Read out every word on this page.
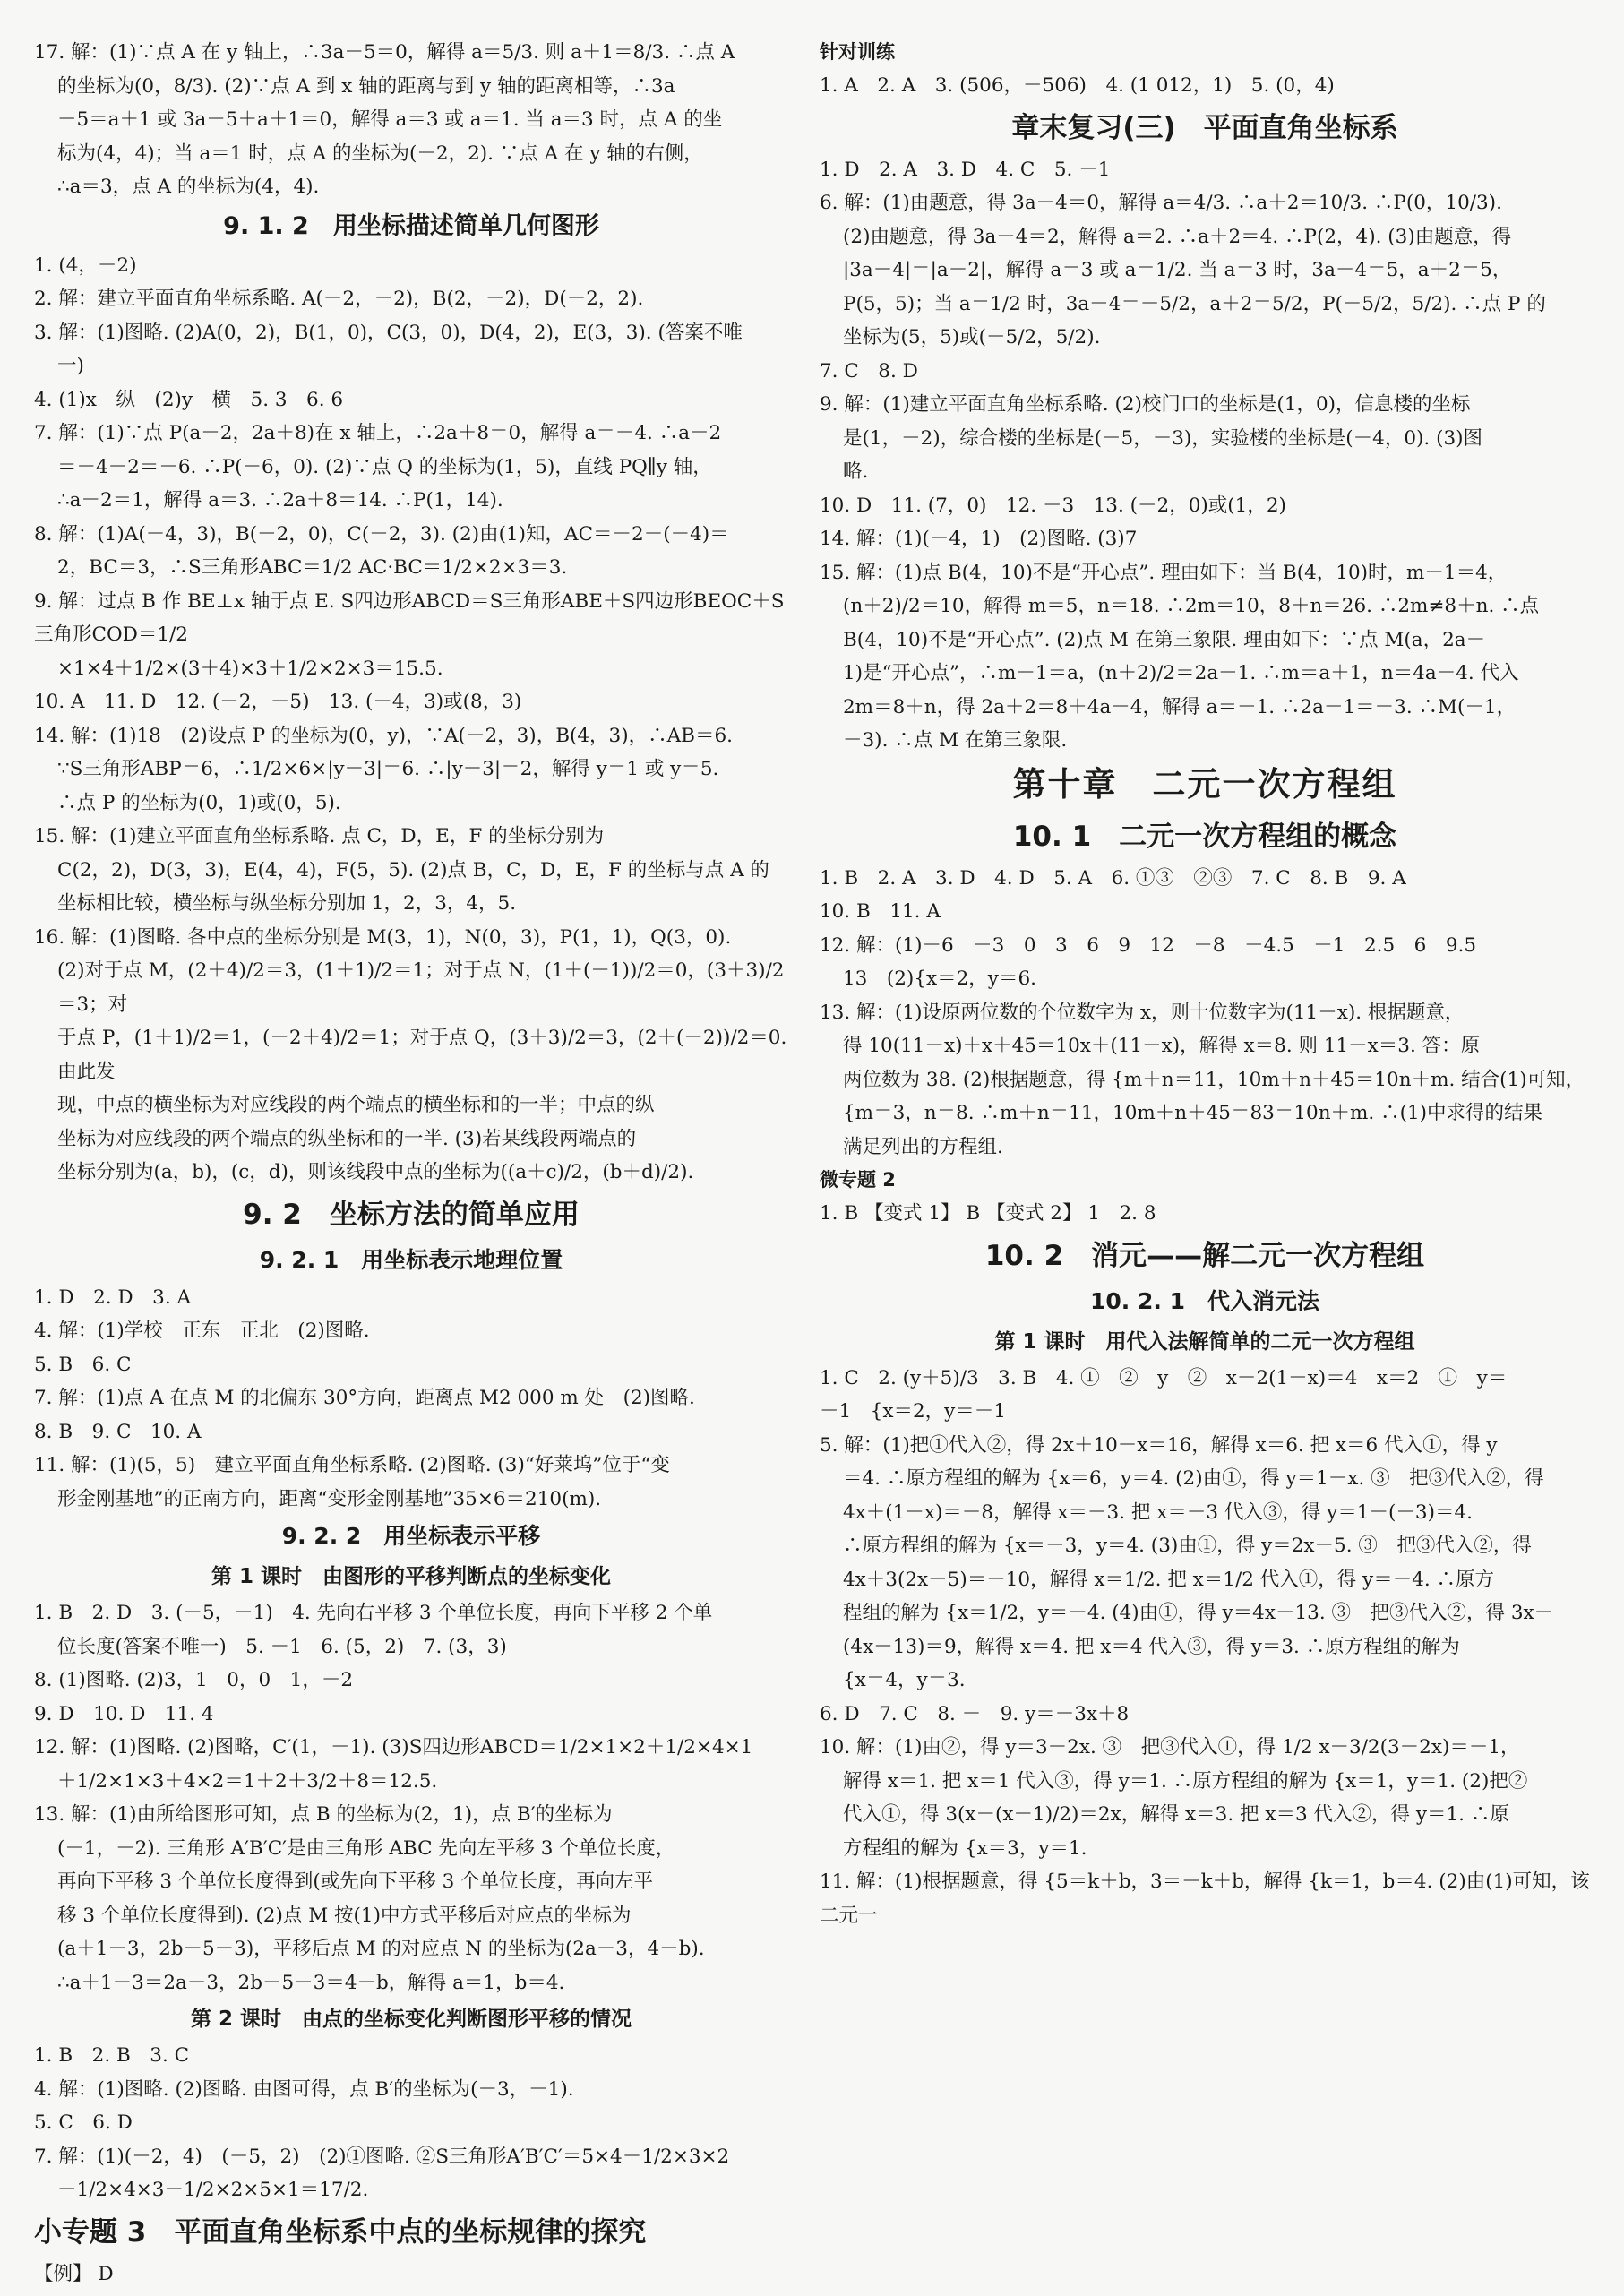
17. 解：(1)∵点 A 在 y 轴上，∴3a－5＝0，解得 a＝5/3. 则 a＋1＝8/3. ∴点 A

的坐标为(0，8/3). (2)∵点 A 到 x 轴的距离与到 y 轴的距离相等，∴3a

－5＝a＋1 或 3a－5＋a＋1＝0，解得 a＝3 或 a＝1. 当 a＝3 时，点 A 的坐

标为(4，4)；当 a＝1 时，点 A 的坐标为(－2，2). ∵点 A 在 y 轴的右侧，

∴a＝3，点 A 的坐标为(4，4).

9. 1. 2　用坐标描述简单几何图形

1. (4，－2)

2. 解：建立平面直角坐标系略. A(－2，－2)，B(2，－2)，D(－2，2).

3. 解：(1)图略. (2)A(0，2)，B(1，0)，C(3，0)，D(4，2)，E(3，3). (答案不唯

一)

4. (1)x　纵　(2)y　横　5. 3　6. 6

7. 解：(1)∵点 P(a－2，2a＋8)在 x 轴上，∴2a＋8＝0，解得 a＝－4. ∴a－2

＝－4－2＝－6. ∴P(－6，0). (2)∵点 Q 的坐标为(1，5)，直线 PQ∥y 轴，

∴a－2＝1，解得 a＝3. ∴2a＋8＝14. ∴P(1，14).

8. 解：(1)A(－4，3)，B(－2，0)，C(－2，3). (2)由(1)知，AC＝－2－(－4)＝

2，BC＝3，∴S三角形ABC＝1/2 AC·BC＝1/2×2×3＝3.

9. 解：过点 B 作 BE⊥x 轴于点 E. S四边形ABCD＝S三角形ABE＋S四边形BEOC＋S三角形COD＝1/2

×1×4＋1/2×(3＋4)×3＋1/2×2×3＝15.5.

10. A　11. D　12. (－2，－5)　13. (－4，3)或(8，3)

14. 解：(1)18　(2)设点 P 的坐标为(0，y)，∵A(－2，3)，B(4，3)，∴AB＝6.

∵S三角形ABP＝6，∴1/2×6×|y－3|＝6. ∴|y－3|＝2，解得 y＝1 或 y＝5.

∴点 P 的坐标为(0，1)或(0，5).

15. 解：(1)建立平面直角坐标系略. 点 C，D，E，F 的坐标分别为

C(2，2)，D(3，3)，E(4，4)，F(5，5). (2)点 B，C，D，E，F 的坐标与点 A 的

坐标相比较，横坐标与纵坐标分别加 1，2，3，4，5.

16. 解：(1)图略. 各中点的坐标分别是 M(3，1)，N(0，3)，P(1，1)，Q(3，0).

(2)对于点 M，(2＋4)/2＝3，(1＋1)/2＝1；对于点 N，(1＋(－1))/2＝0，(3＋3)/2＝3；对

于点 P，(1＋1)/2＝1，(－2＋4)/2＝1；对于点 Q，(3＋3)/2＝3，(2＋(－2))/2＝0. 由此发

现，中点的横坐标为对应线段的两个端点的横坐标和的一半；中点的纵

坐标为对应线段的两个端点的纵坐标和的一半. (3)若某线段两端点的

坐标分别为(a，b)，(c，d)，则该线段中点的坐标为((a＋c)/2，(b＋d)/2).

9. 2　坐标方法的简单应用
9. 2. 1　用坐标表示地理位置

1. D　2. D　3. A

4. 解：(1)学校　正东　正北　(2)图略.

5. B　6. C

7. 解：(1)点 A 在点 M 的北偏东 30°方向，距离点 M2 000 m 处　(2)图略.

8. B　9. C　10. A

11. 解：(1)(5，5)　建立平面直角坐标系略. (2)图略. (3)“好莱坞”位于“变

形金刚基地”的正南方向，距离“变形金刚基地”35×6＝210(m).

9. 2. 2　用坐标表示平移
第 1 课时　由图形的平移判断点的坐标变化

1. B　2. D　3. (－5，－1)　4. 先向右平移 3 个单位长度，再向下平移 2 个单

位长度(答案不唯一)　5. －1　6. (5，2)　7. (3，3)

8. (1)图略. (2)3，1　0，0　1，－2

9. D　10. D　11. 4

12. 解：(1)图略. (2)图略，C′(1，－1). (3)S四边形ABCD＝1/2×1×2＋1/2×4×1

＋1/2×1×3＋4×2＝1＋2＋3/2＋8＝12.5.

13. 解：(1)由所给图形可知，点 B 的坐标为(2，1)，点 B′的坐标为

(－1，－2). 三角形 A′B′C′是由三角形 ABC 先向左平移 3 个单位长度，

再向下平移 3 个单位长度得到(或先向下平移 3 个单位长度，再向左平

移 3 个单位长度得到). (2)点 M 按(1)中方式平移后对应点的坐标为

(a＋1－3，2b－5－3)，平移后点 M 的对应点 N 的坐标为(2a－3，4－b).

∴a＋1－3＝2a－3，2b－5－3＝4－b，解得 a＝1，b＝4.

第 2 课时　由点的坐标变化判断图形平移的情况

1. B　2. B　3. C

4. 解：(1)图略. (2)图略. 由图可得，点 B′的坐标为(－3，－1).

5. C　6. D

7. 解：(1)(－2，4)　(－5，2)　(2)①图略. ②S三角形A′B′C′＝5×4－1/2×3×2

－1/2×4×3－1/2×2×5×1＝17/2.

小专题 3　平面直角坐标系中点的坐标规律的探究

【例】 D

针对训练

1. A　2. A　3. (506，－506)　4. (1 012，1)　5. (0，4)

章末复习(三)　平面直角坐标系

1. D　2. A　3. D　4. C　5. －1

6. 解：(1)由题意，得 3a－4＝0，解得 a＝4/3. ∴a＋2＝10/3. ∴P(0，10/3).

(2)由题意，得 3a－4＝2，解得 a＝2. ∴a＋2＝4. ∴P(2，4). (3)由题意，得

|3a－4|＝|a＋2|，解得 a＝3 或 a＝1/2. 当 a＝3 时，3a－4＝5，a＋2＝5，

P(5，5)；当 a＝1/2 时，3a－4＝－5/2，a＋2＝5/2，P(－5/2，5/2). ∴点 P 的

坐标为(5，5)或(－5/2，5/2).

7. C　8. D

9. 解：(1)建立平面直角坐标系略. (2)校门口的坐标是(1，0)，信息楼的坐标

是(1，－2)，综合楼的坐标是(－5，－3)，实验楼的坐标是(－4，0). (3)图

略.

10. D　11. (7，0)　12. －3　13. (－2，0)或(1，2)

14. 解：(1)(－4，1)　(2)图略. (3)7

15. 解：(1)点 B(4，10)不是“开心点”. 理由如下：当 B(4，10)时，m－1＝4，

(n＋2)/2＝10，解得 m＝5，n＝18. ∴2m＝10，8＋n＝26. ∴2m≠8＋n. ∴点

B(4，10)不是“开心点”. (2)点 M 在第三象限. 理由如下：∵点 M(a，2a－

1)是“开心点”，∴m－1＝a，(n＋2)/2＝2a－1. ∴m＝a＋1，n＝4a－4. 代入

2m＝8＋n，得 2a＋2＝8＋4a－4，解得 a＝－1. ∴2a－1＝－3. ∴M(－1，

－3). ∴点 M 在第三象限.

第十章　二元一次方程组
10. 1　二元一次方程组的概念

1. B　2. A　3. D　4. D　5. A　6. ①③　②③　7. C　8. B　9. A

10. B　11. A

12. 解：(1)－6　－3　0　3　6　9　12　－8　－4.5　－1　2.5　6　9.5

13　(2){x＝2，y＝6.

13. 解：(1)设原两位数的个位数字为 x，则十位数字为(11－x). 根据题意，

得 10(11－x)＋x＋45＝10x＋(11－x)，解得 x＝8. 则 11－x＝3. 答：原

两位数为 38. (2)根据题意，得 {m＋n＝11，10m＋n＋45＝10n＋m. 结合(1)可知，

{m＝3，n＝8. ∴m＋n＝11，10m＋n＋45＝83＝10n＋m. ∴(1)中求得的结果

满足列出的方程组.

微专题 2

1. B 【变式 1】 B 【变式 2】 1　2. 8

10. 2　消元——解二元一次方程组
10. 2. 1　代入消元法
第 1 课时　用代入法解简单的二元一次方程组

1. C　2. (y＋5)/3　3. B　4. ①　②　y　②　x－2(1－x)＝4　x＝2　①　y＝

－1　{x＝2，y＝－1

5. 解：(1)把①代入②，得 2x＋10－x＝16，解得 x＝6. 把 x＝6 代入①，得 y

＝4. ∴原方程组的解为 {x＝6，y＝4. (2)由①，得 y＝1－x. ③　把③代入②，得

4x＋(1－x)＝－8，解得 x＝－3. 把 x＝－3 代入③，得 y＝1－(－3)＝4.

∴原方程组的解为 {x＝－3，y＝4. (3)由①，得 y＝2x－5. ③　把③代入②，得

4x＋3(2x－5)＝－10，解得 x＝1/2. 把 x＝1/2 代入①，得 y＝－4. ∴原方

程组的解为 {x＝1/2，y＝－4. (4)由①，得 y＝4x－13. ③　把③代入②，得 3x－

(4x－13)＝9，解得 x＝4. 把 x＝4 代入③，得 y＝3. ∴原方程组的解为

{x＝4，y＝3.

6. D　7. C　8. －　9. y＝－3x＋8

10. 解：(1)由②，得 y＝3－2x. ③　把③代入①，得 1/2 x－3/2(3－2x)＝－1，

解得 x＝1. 把 x＝1 代入③，得 y＝1. ∴原方程组的解为 {x＝1，y＝1. (2)把②

代入①，得 3(x－(x－1)/2)＝2x，解得 x＝3. 把 x＝3 代入②，得 y＝1. ∴原

方程组的解为 {x＝3，y＝1.

11. 解：(1)根据题意，得 {5＝k＋b，3＝－k＋b，解得 {k＝1，b＝4. (2)由(1)可知，该二元一
